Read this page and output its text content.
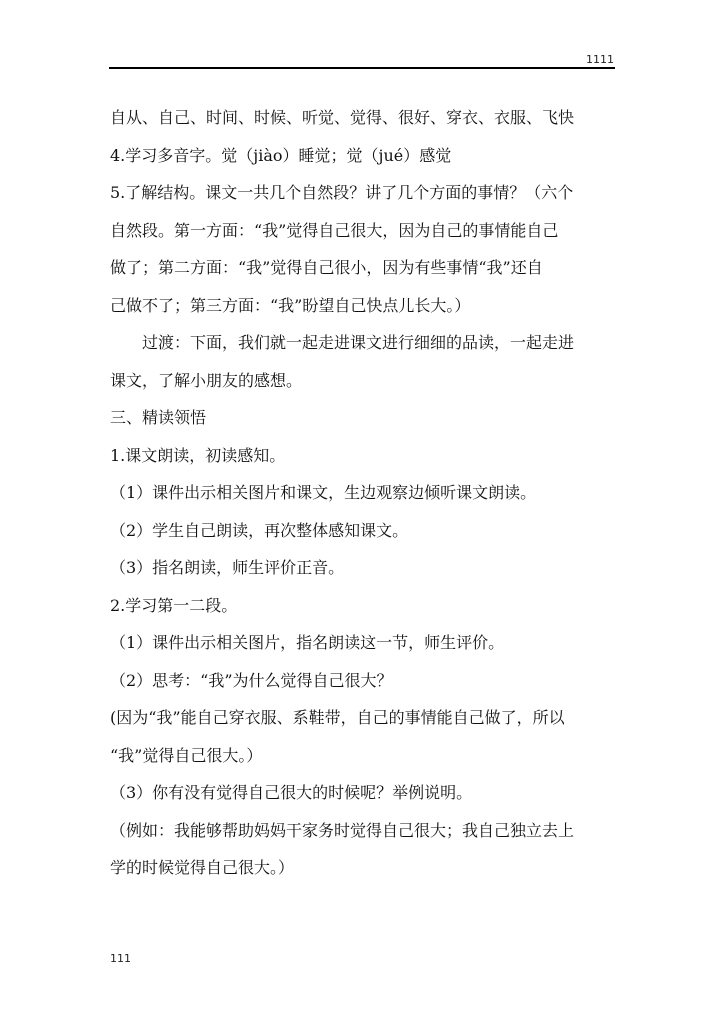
1111
自从、自己、时间、时候、听觉、觉得、很好、穿衣、衣服、飞快
4.学习多音字。觉（jiào）睡觉；觉（jué）感觉
5.了解结构。课文一共几个自然段？讲了几个方面的事情？（六个
自然段。第一方面：“我”觉得自己很大，因为自己的事情能自己
做了；第二方面：“我”觉得自己很小，因为有些事情“我”还自
己做不了；第三方面：“我”盼望自己快点儿长大。）
过渡：下面，我们就一起走进课文进行细细的品读，一起走进
课文，了解小朋友的感想。
三、精读领悟
1.课文朗读，初读感知。
（1）课件出示相关图片和课文，生边观察边倾听课文朗读。
（2）学生自己朗读，再次整体感知课文。
（3）指名朗读，师生评价正音。
2.学习第一二段。
（1）课件出示相关图片，指名朗读这一节，师生评价。
（2）思考：“我”为什么觉得自己很大？
(因为“我”能自己穿衣服、系鞋带，自己的事情能自己做了，所以
“我”觉得自己很大。）
（3）你有没有觉得自己很大的时候呢？举例说明。
（例如：我能够帮助妈妈干家务时觉得自己很大；我自己独立去上
学的时候觉得自己很大。）
111
